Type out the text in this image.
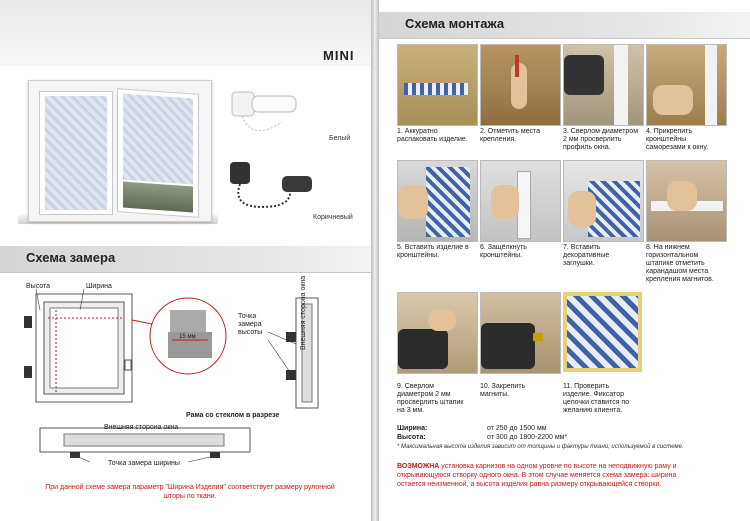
MINI
Белый
Коричневый
Схема замера
Высота	Ширина
15 мм
Точка
замера
высоты	Внешняя сторона окна
Рама со стеклом в разрезе
Внешняя сторона окна
Точка замера ширины
При данной схеме замера параметр "Ширина Изделия" соответствует размеру рулонной
шторы по ткани.
Схема монтажа
1. Аккуратно
распаковать изделие.
2. Отметить места
крепления.
3. Сверлом диаметром
2 мм просверлить
профиль окна.
4. Прикрепить
кронштейны
саморезами к окну.
5. Вставить изделие в
кронштейны.
6. Защёлкнуть
кронштейны.
7. Вставить
декоративные
заглушки.
8. На нижнем
горизонтальном
штапике отметить
карандашом места
крепления магнитов.
9. Сверлом
диаметром 2 мм
просверлить штапик
на 3 мм.
10. Закрепить
магниты.
11. Проверить
изделие. Фиксатор
цепочки ставится по
желанию клиента.
Ширина:	от 250 до 1500 мм
Высота:	от 300 до 1800-2200 мм*
* Максимальная высота изделия зависит от толщины и фактуры ткани, используемой в системе.
ВОЗМОЖНА установка карнизов на одном уровне по высоте на неподвижную раму и
открывающуюся створку одного окна. В этом случае меняется схема замера: ширина
остается неизменной, а высота изделия равна размеру открывающейся створки.
